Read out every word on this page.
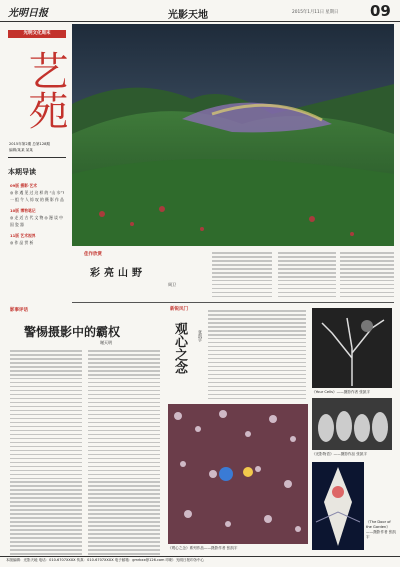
光明日报	光影天地	2015年1月11日 星期日 09
光明文化周末
艺苑
2015年第2期 总第128期
编辑/某某 某某
本期导读
09版 摄影·艺术
◎ 你 遇 见 过 这 样 的 “山 水”? 一 组 令 人 惊 叹 的 摄 影 作 品
10版 博物笔记
◎ 走 近 古 代 文 物 ◎ 漫 谈 中 国 瓷 器
11版 艺术视界
◎ 作 品 赏 析
佳作欣赏
彩亮山野
周卫
影事评话
警惕摄影中的霸权
谢天明
新锐风门
观心之念	张凯宇
《Your Cells》——摄影作者 张凯宇
《光影物语》——摄影作品 张凯宇
《The Door of the Garden》——摄影作者 张凯宇
《观心之念》系列作品——摄影作者 张凯宇
本版编辑：光影天地 电话：010-6707XXXX 传真：010-6707XXXX 电子邮箱：gmrbxx@126.com 印刷：光明日报印务中心
